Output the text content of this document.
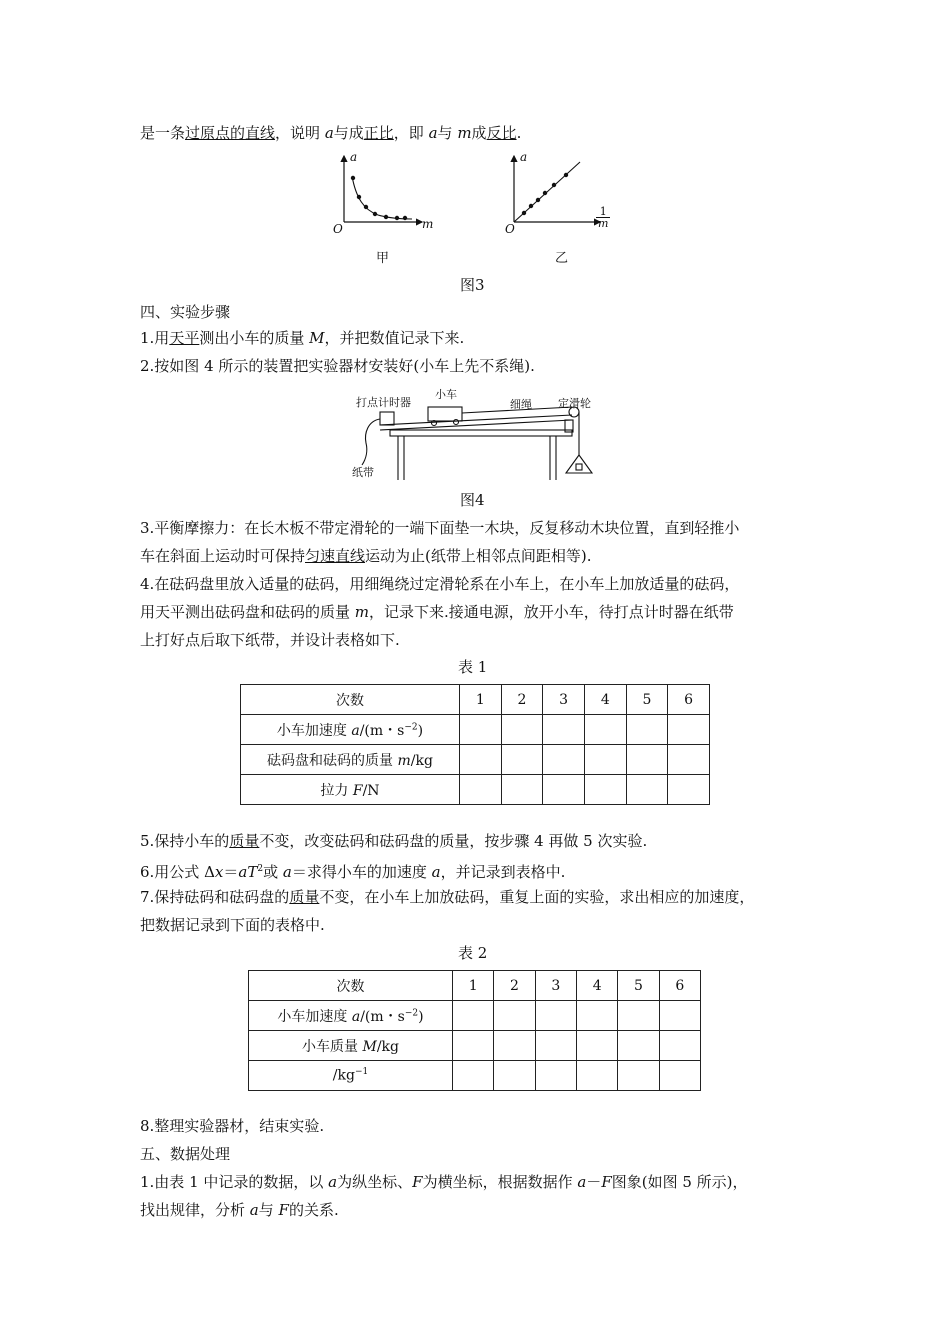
是一条过原点的直线，说明 a与成正比，即 a与 m成反比.
a
m
O
甲
a
$\frac{1}{m}$
O
乙
图3
四、实验步骤
1.用天平测出小车的质量 M，并把数值记录下来.
2.按如图 4 所示的装置把实验器材安装好(小车上先不系绳).
打点计时器
小车
细绳 定滑轮
纸带
图4
3.平衡摩擦力：在长木板不带定滑轮的一端下面垫一木块，反复移动木块位置，直到轻推小
车在斜面上运动时可保持匀速直线运动为止(纸带上相邻点间距相等).
4.在砝码盘里放入适量的砝码，用细绳绕过定滑轮系在小车上，在小车上加放适量的砝码，
用天平测出砝码盘和砝码的质量 m，记录下来.接通电源，放开小车，待打点计时器在纸带
上打好点后取下纸带，并设计表格如下.
表 1
次数	1	2	3	4	5	6
小车加速度 a/(m・$s^{-2}$)						
砝码盘和砝码的质量 m/kg						
拉力 F/N						
5.保持小车的质量不变，改变砝码和砝码盘的质量，按步骤 4 再做 5 次实验.
6.用公式 $\Delta x=aT^2$或 a＝求得小车的加速度 a，并记录到表格中.
7.保持砝码和砝码盘的质量不变，在小车上加放砝码，重复上面的实验，求出相应的加速度，
把数据记录到下面的表格中.
表 2
次数	1	2	3	4	5	6
小车加速度 a/(m・$s^{-2}$)						
小车质量 M/kg						
$/kg^{-1}$						
8.整理实验器材，结束实验.
五、数据处理
1.由表 1 中记录的数据，以 a为纵坐标、F为横坐标，根据数据作 a－F图象(如图 5 所示)，
找出规律，分析 a与 F的关系.
